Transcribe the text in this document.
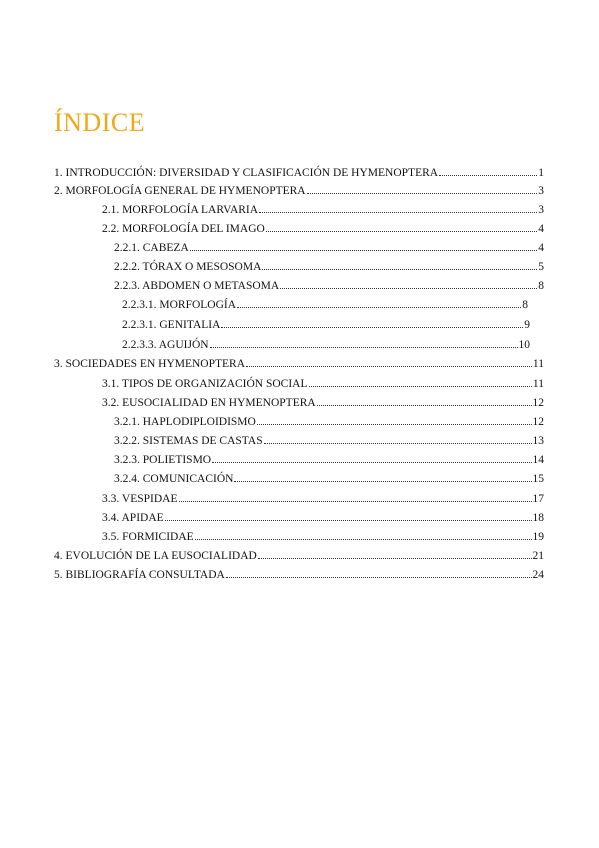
ÍNDICE
1. INTRODUCCIÓN: DIVERSIDAD Y CLASIFICACIÓN DE HYMENOPTERA	1
2. MORFOLOGÍA GENERAL DE HYMENOPTERA	3
2.1. MORFOLOGÍA LARVARIA	3
2.2. MORFOLOGÍA DEL IMAGO	4
2.2.1. CABEZA	4
2.2.2. TÓRAX O MESOSOMA	5
2.2.3. ABDOMEN O METASOMA	8
2.2.3.1. MORFOLOGÍA	8
2.2.3.1. GENITALIA	9
2.2.3.3. AGUIJÓN	10
3. SOCIEDADES EN HYMENOPTERA	11
3.1. TIPOS DE ORGANIZACIÓN SOCIAL	11
3.2. EUSOCIALIDAD EN HYMENOPTERA	12
3.2.1. HAPLODIPLOIDISMO	12
3.2.2. SISTEMAS DE CASTAS	13
3.2.3. POLIETISMO	14
3.2.4. COMUNICACIÓN	15
3.3. VESPIDAE	17
3.4. APIDAE	18
3.5. FORMICIDAE	19
4. EVOLUCIÓN DE LA EUSOCIALIDAD	21
5. BIBLIOGRAFÍA CONSULTADA	24
